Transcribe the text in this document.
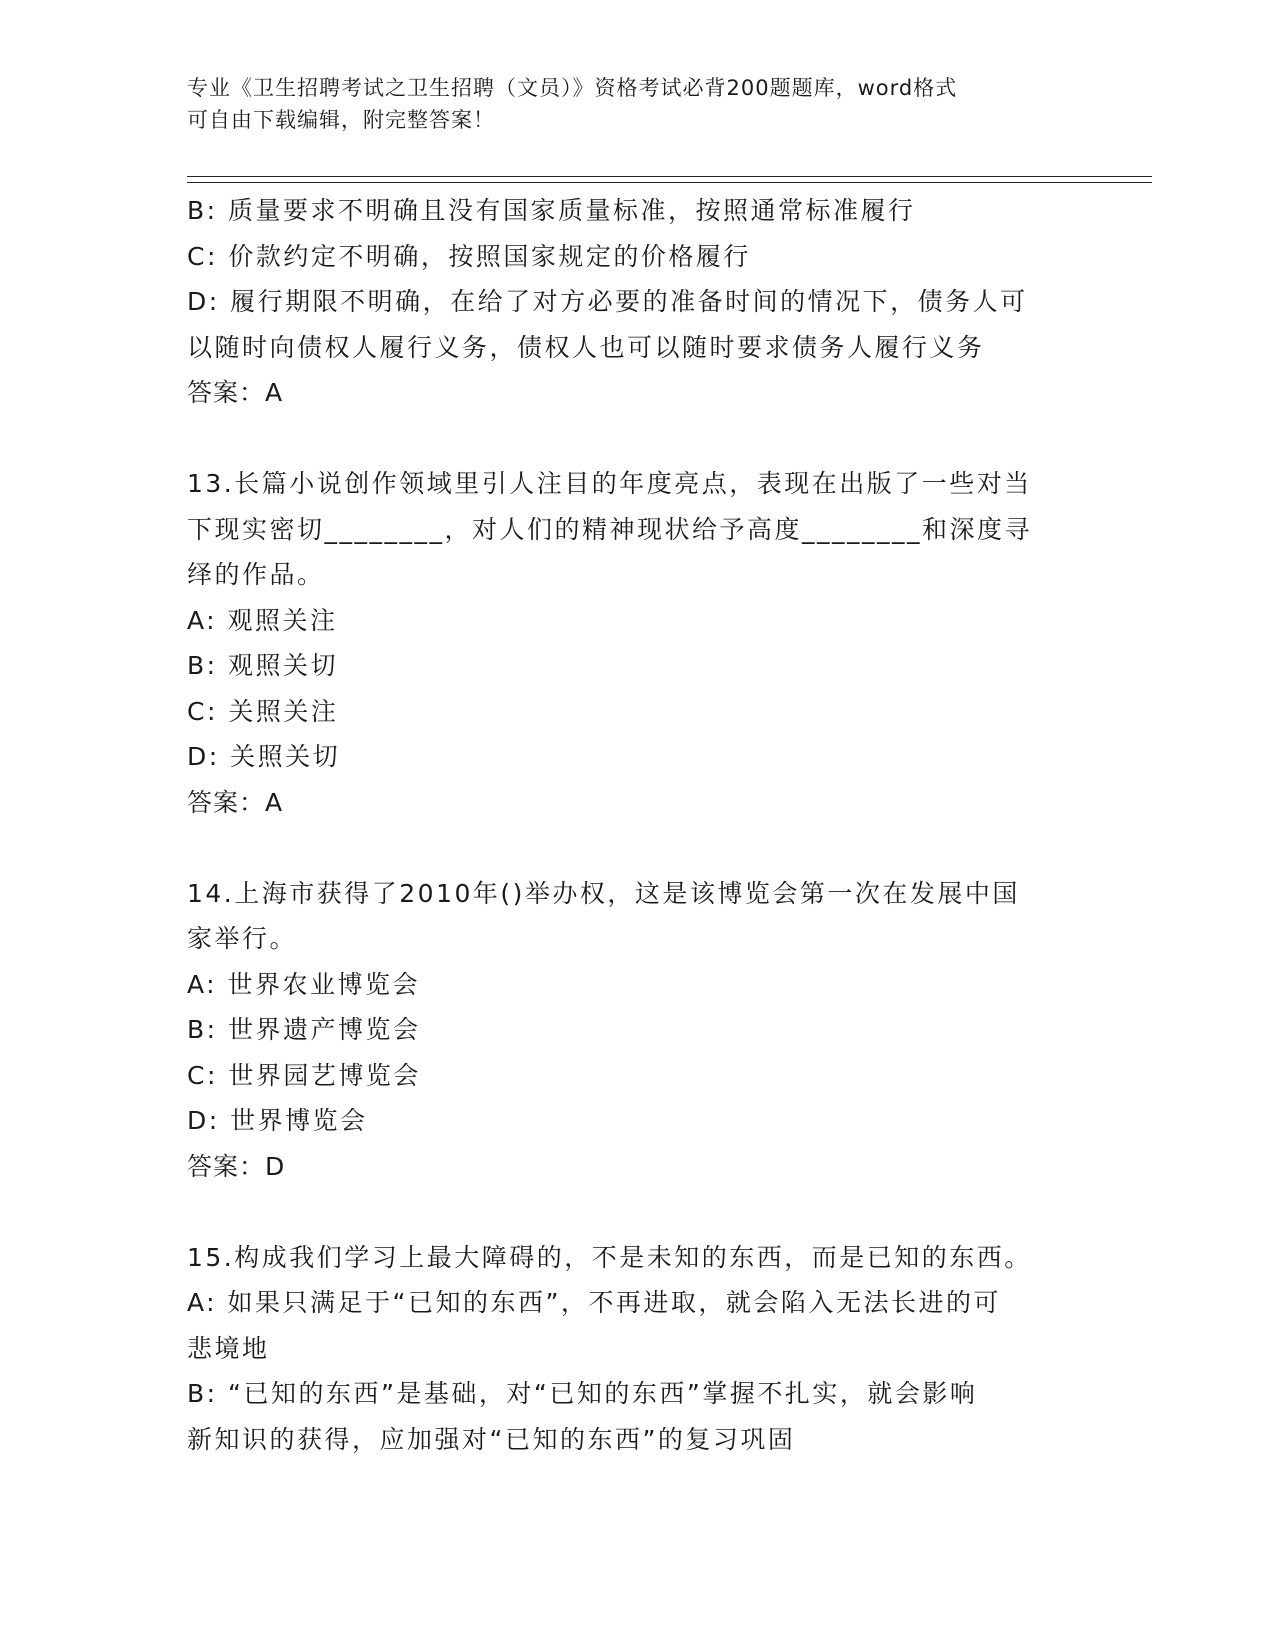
专业《卫生招聘考试之卫生招聘（文员）》资格考试必背200题题库，word格式
可自由下载编辑，附完整答案！

B: 质量要求不明确且没有国家质量标准，按照通常标准履行

C: 价款约定不明确，按照国家规定的价格履行

D: 履行期限不明确，在给了对方必要的准备时间的情况下，债务人可

以随时向债权人履行义务，债权人也可以随时要求债务人履行义务

答案：A

13.长篇小说创作领域里引人注目的年度亮点，表现在出版了一些对当

下现实密切________，对人们的精神现状给予高度________和深度寻

绎的作品。

A: 观照关注

B: 观照关切

C: 关照关注

D: 关照关切

答案：A

14.上海市获得了2010年()举办权，这是该博览会第一次在发展中国

家举行。

A: 世界农业博览会

B: 世界遗产博览会

C: 世界园艺博览会

D: 世界博览会

答案：D

15.构成我们学习上最大障碍的，不是未知的东西，而是已知的东西。

A: 如果只满足于“已知的东西”，不再进取，就会陷入无法长进的可

悲境地

B: “已知的东西”是基础，对“已知的东西”掌握不扎实，就会影响

新知识的获得，应加强对“已知的东西”的复习巩固
